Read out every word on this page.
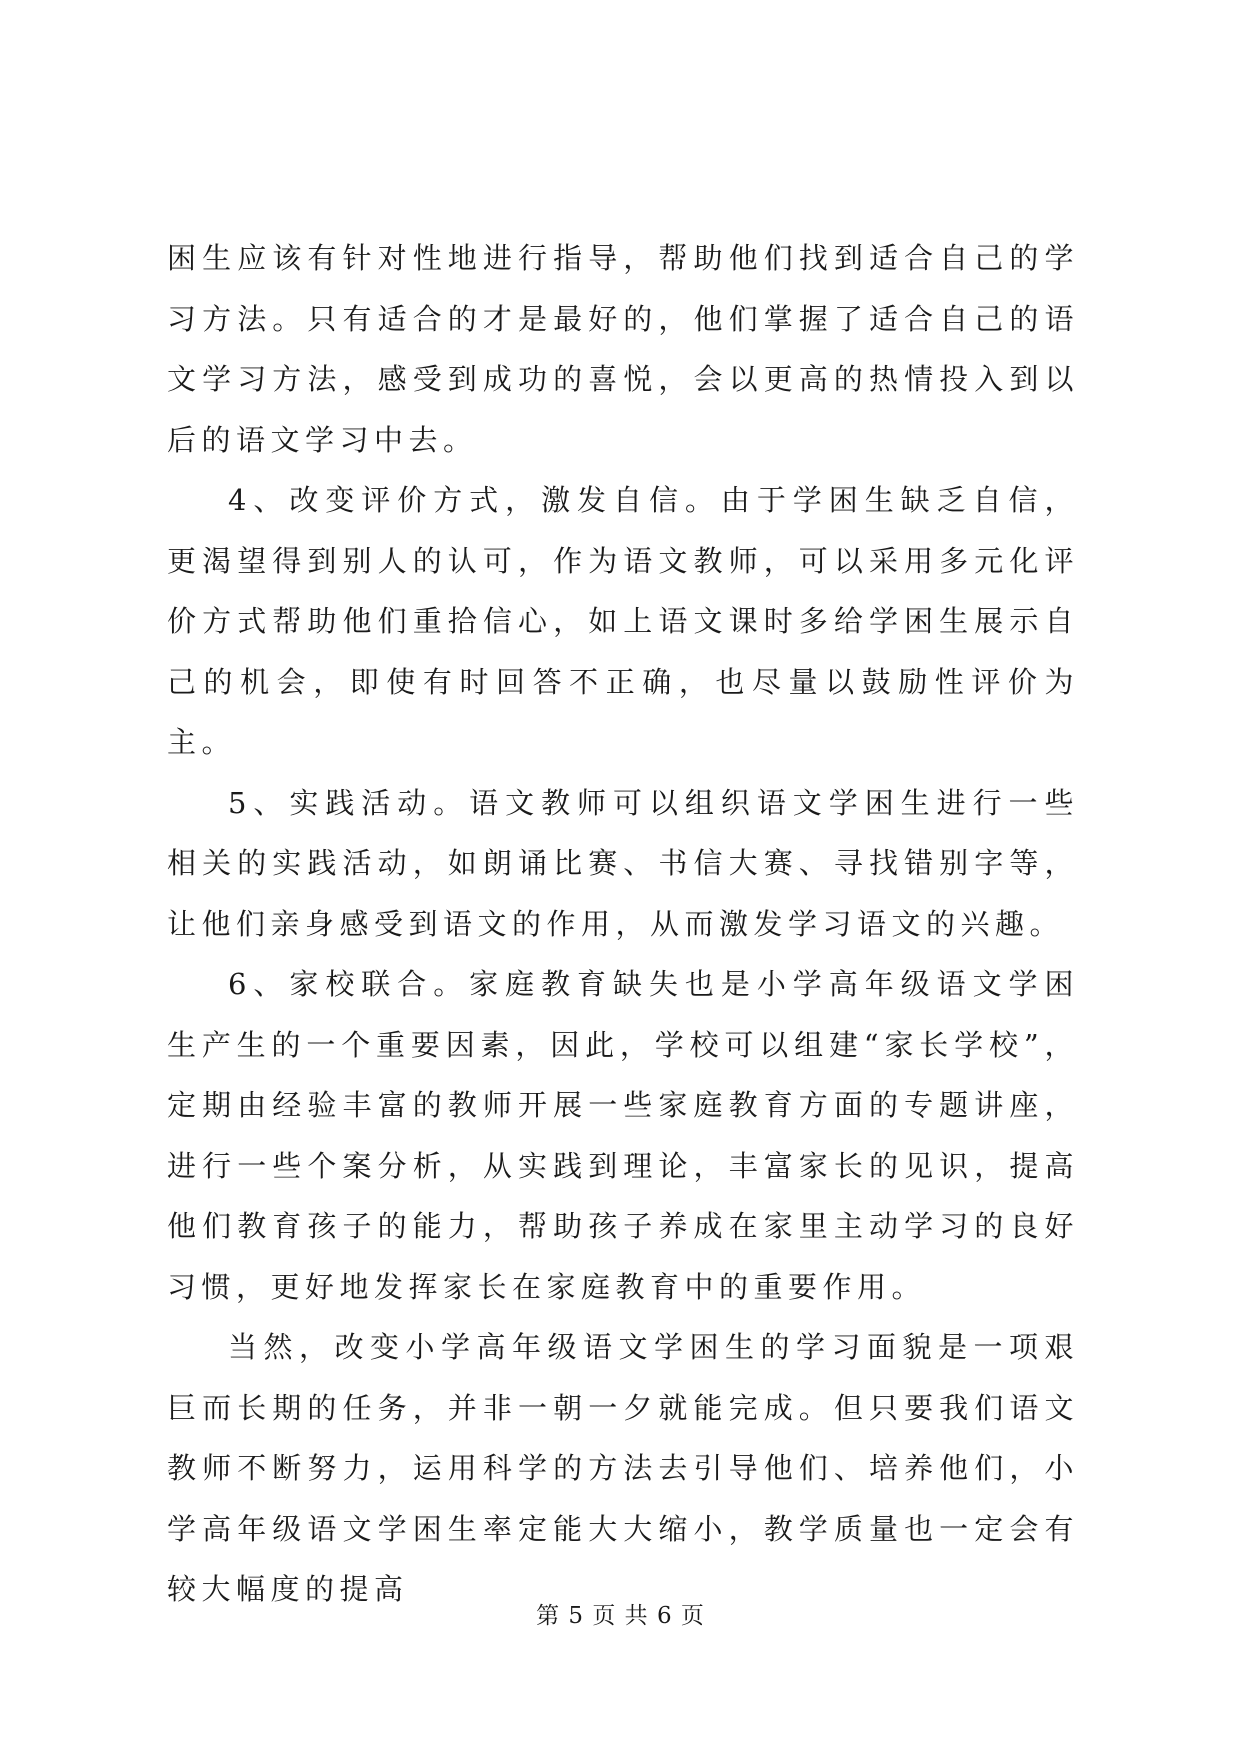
困生应该有针对性地进行指导，帮助他们找到适合自己的学习方法。只有适合的才是最好的，他们掌握了适合自己的语文学习方法，感受到成功的喜悦，会以更高的热情投入到以后的语文学习中去。

4、改变评价方式，激发自信。由于学困生缺乏自信，更渴望得到别人的认可，作为语文教师，可以采用多元化评价方式帮助他们重拾信心，如上语文课时多给学困生展示自己的机会，即使有时回答不正确，也尽量以鼓励性评价为主。

5、实践活动。语文教师可以组织语文学困生进行一些相关的实践活动，如朗诵比赛、书信大赛、寻找错别字等，让他们亲身感受到语文的作用，从而激发学习语文的兴趣。

6、家校联合。家庭教育缺失也是小学高年级语文学困生产生的一个重要因素，因此，学校可以组建“家长学校”，定期由经验丰富的教师开展一些家庭教育方面的专题讲座，进行一些个案分析，从实践到理论，丰富家长的见识，提高他们教育孩子的能力，帮助孩子养成在家里主动学习的良好习惯，更好地发挥家长在家庭教育中的重要作用。

当然，改变小学高年级语文学困生的学习面貌是一项艰巨而长期的任务，并非一朝一夕就能完成。但只要我们语文教师不断努力，运用科学的方法去引导他们、培养他们，小学高年级语文学困生率定能大大缩小，教学质量也一定会有较大幅度的提高

第 5 页 共 6 页
